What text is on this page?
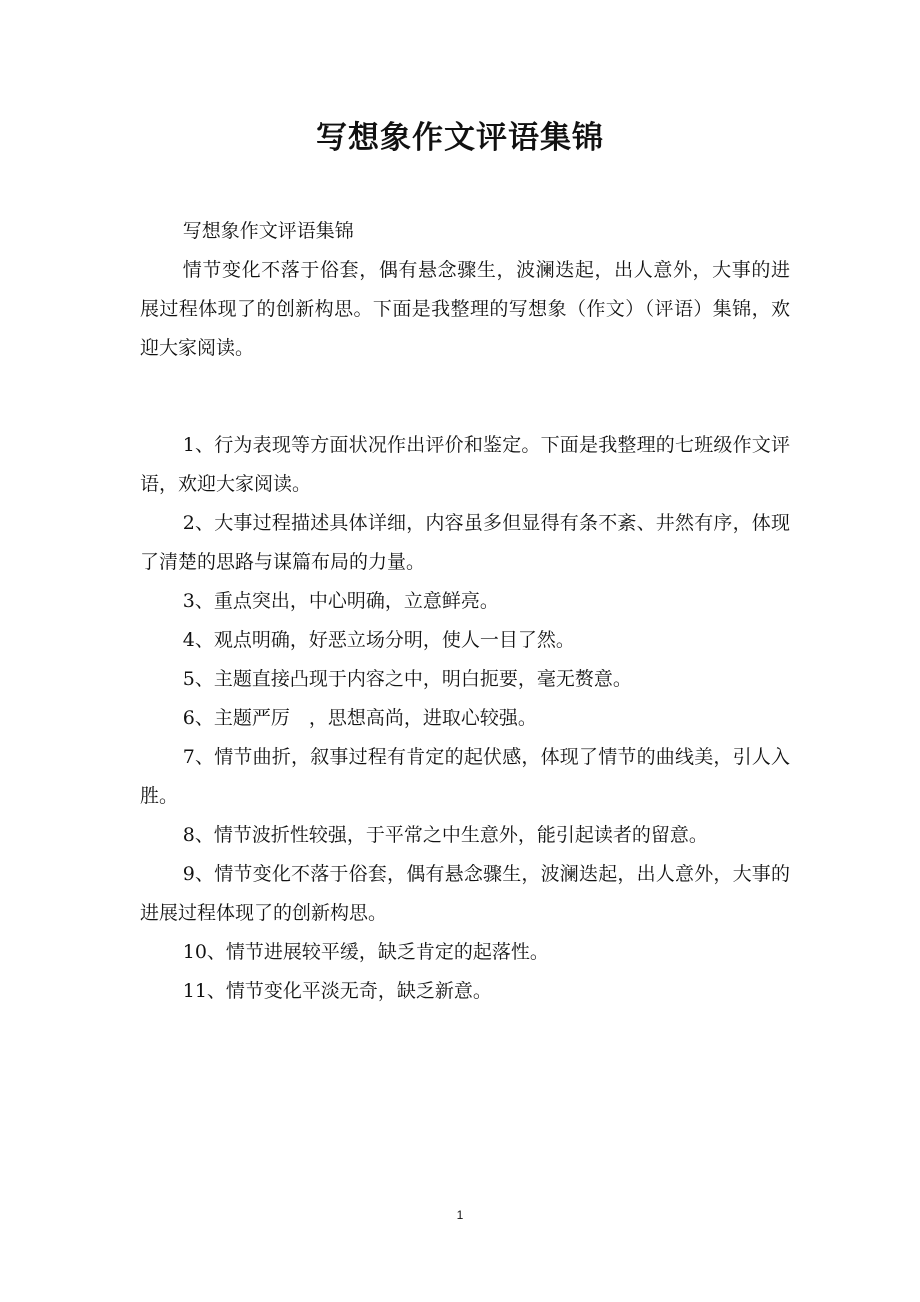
写想象作文评语集锦

写想象作文评语集锦

情节变化不落于俗套，偶有悬念骤生，波澜迭起，出人意外，大事的进展过程体现了的创新构思。下面是我整理的写想象（作文）（评语）集锦，欢迎大家阅读。

1、行为表现等方面状况作出评价和鉴定。下面是我整理的七班级作文评语，欢迎大家阅读。

2、大事过程描述具体详细，内容虽多但显得有条不紊、井然有序，体现了清楚的思路与谋篇布局的力量。

3、重点突出，中心明确，立意鲜亮。

4、观点明确，好恶立场分明，使人一目了然。

5、主题直接凸现于内容之中，明白扼要，毫无赘意。

6、主题严厉　，思想高尚，进取心较强。

7、情节曲折，叙事过程有肯定的起伏感，体现了情节的曲线美，引人入胜。

8、情节波折性较强，于平常之中生意外，能引起读者的留意。

9、情节变化不落于俗套，偶有悬念骤生，波澜迭起，出人意外，大事的进展过程体现了的创新构思。

10、情节进展较平缓，缺乏肯定的起落性。

11、情节变化平淡无奇，缺乏新意。

1
